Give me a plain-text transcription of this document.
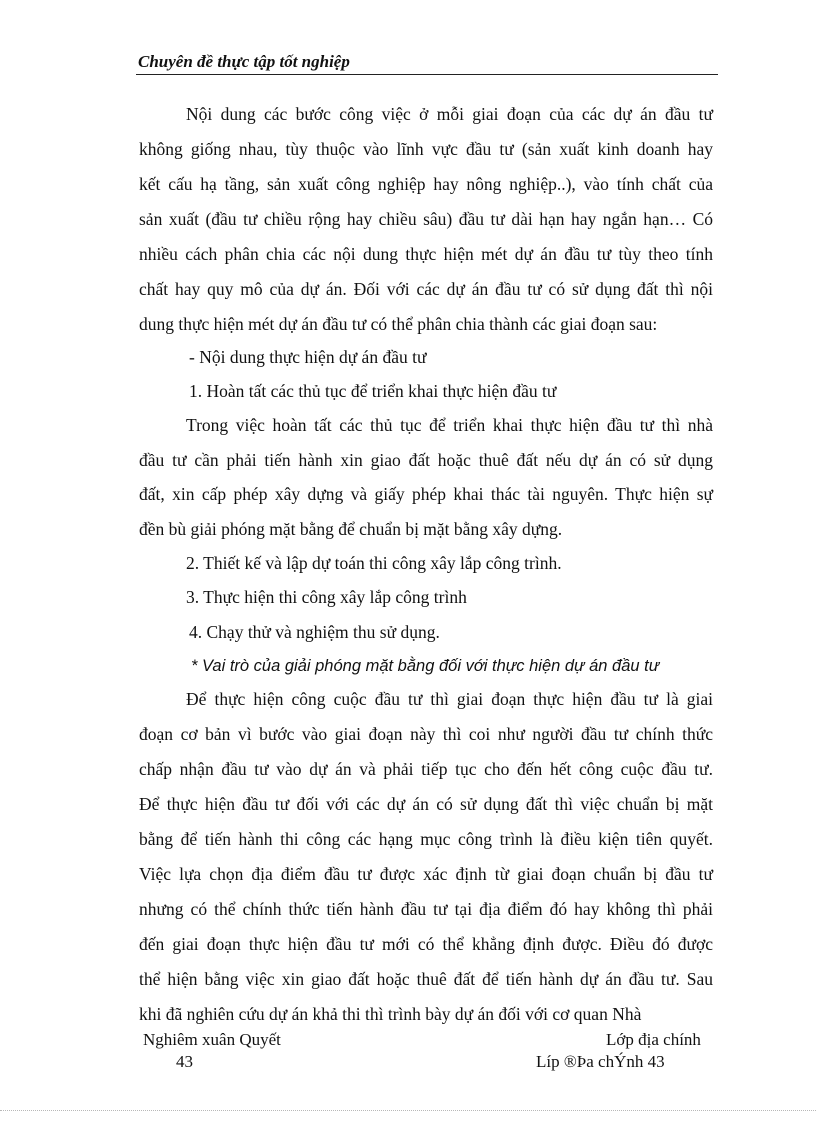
Chuyên đề thực tập tốt nghiệp
Nội dung các bước công việc ở mỗi giai đoạn của các dự án đầu tư
không giống nhau, tùy thuộc vào lĩnh vực đầu tư (sản xuất kinh doanh hay
kết cấu hạ tầng, sản xuất công nghiệp hay nông nghiệp..), vào tính chất của
sản xuất (đầu tư chiều rộng hay chiều sâu) đầu tư dài hạn hay ngắn hạn… Có
nhiều cách phân chia các nội dung thực hiện mét dự án đầu tư tùy theo tính
chất hay quy mô của dự án. Đối với các dự án đầu tư có sử dụng đất thì nội
dung thực hiện mét dự án đầu tư có thể phân chia thành các giai đoạn sau:
- Nội dung thực hiện dự án đầu tư
1. Hoàn tất các thủ tục để triển khai thực hiện đầu tư
Trong việc hoàn tất các thủ tục để triển khai thực hiện đầu tư thì nhà
đầu tư cần phải tiến hành xin giao đất hoặc thuê đất nếu dự án có sử dụng
đất, xin cấp phép xây dựng và giấy phép khai thác tài nguyên. Thực hiện sự
đền bù giải phóng mặt bằng để chuẩn bị mặt bằng xây dựng.
2. Thiết kế và lập dự toán thi công xây lắp công trình.
3. Thực hiện thi công xây lắp công trình
4. Chạy thử và nghiệm thu sử dụng.
* Vai trò của giải phóng mặt bằng đối với thực hiện dự án đầu tư
Để thực hiện công cuộc đầu tư thì giai đoạn thực hiện đầu tư là giai
đoạn cơ bản vì bước vào giai đoạn này thì coi như người đầu tư chính thức
chấp nhận đầu tư vào dự án và phải tiếp tục cho đến hết công cuộc đầu tư.
Để thực hiện đầu tư đối với các dự án có sử dụng đất thì việc chuẩn bị mặt
bằng để tiến hành thi công các hạng mục công trình là điều kiện tiên quyết.
Việc lựa chọn địa điểm đầu tư được xác định từ giai đoạn chuẩn bị đầu tư
nhưng có thể chính thức tiến hành đầu tư tại địa điểm đó hay không thì phải
đến giai đoạn thực hiện đầu tư mới có thể khẳng định được. Điều đó được
thể hiện bằng việc xin giao đất hoặc thuê đất để tiến hành dự án đầu tư. Sau
khi đã nghiên cứu dự án khả thi thì trình bày dự án đối với cơ quan Nhà
Nghiêm xuân Quyết
43
Lớp địa chính
Líp ®Þa chÝnh 43
